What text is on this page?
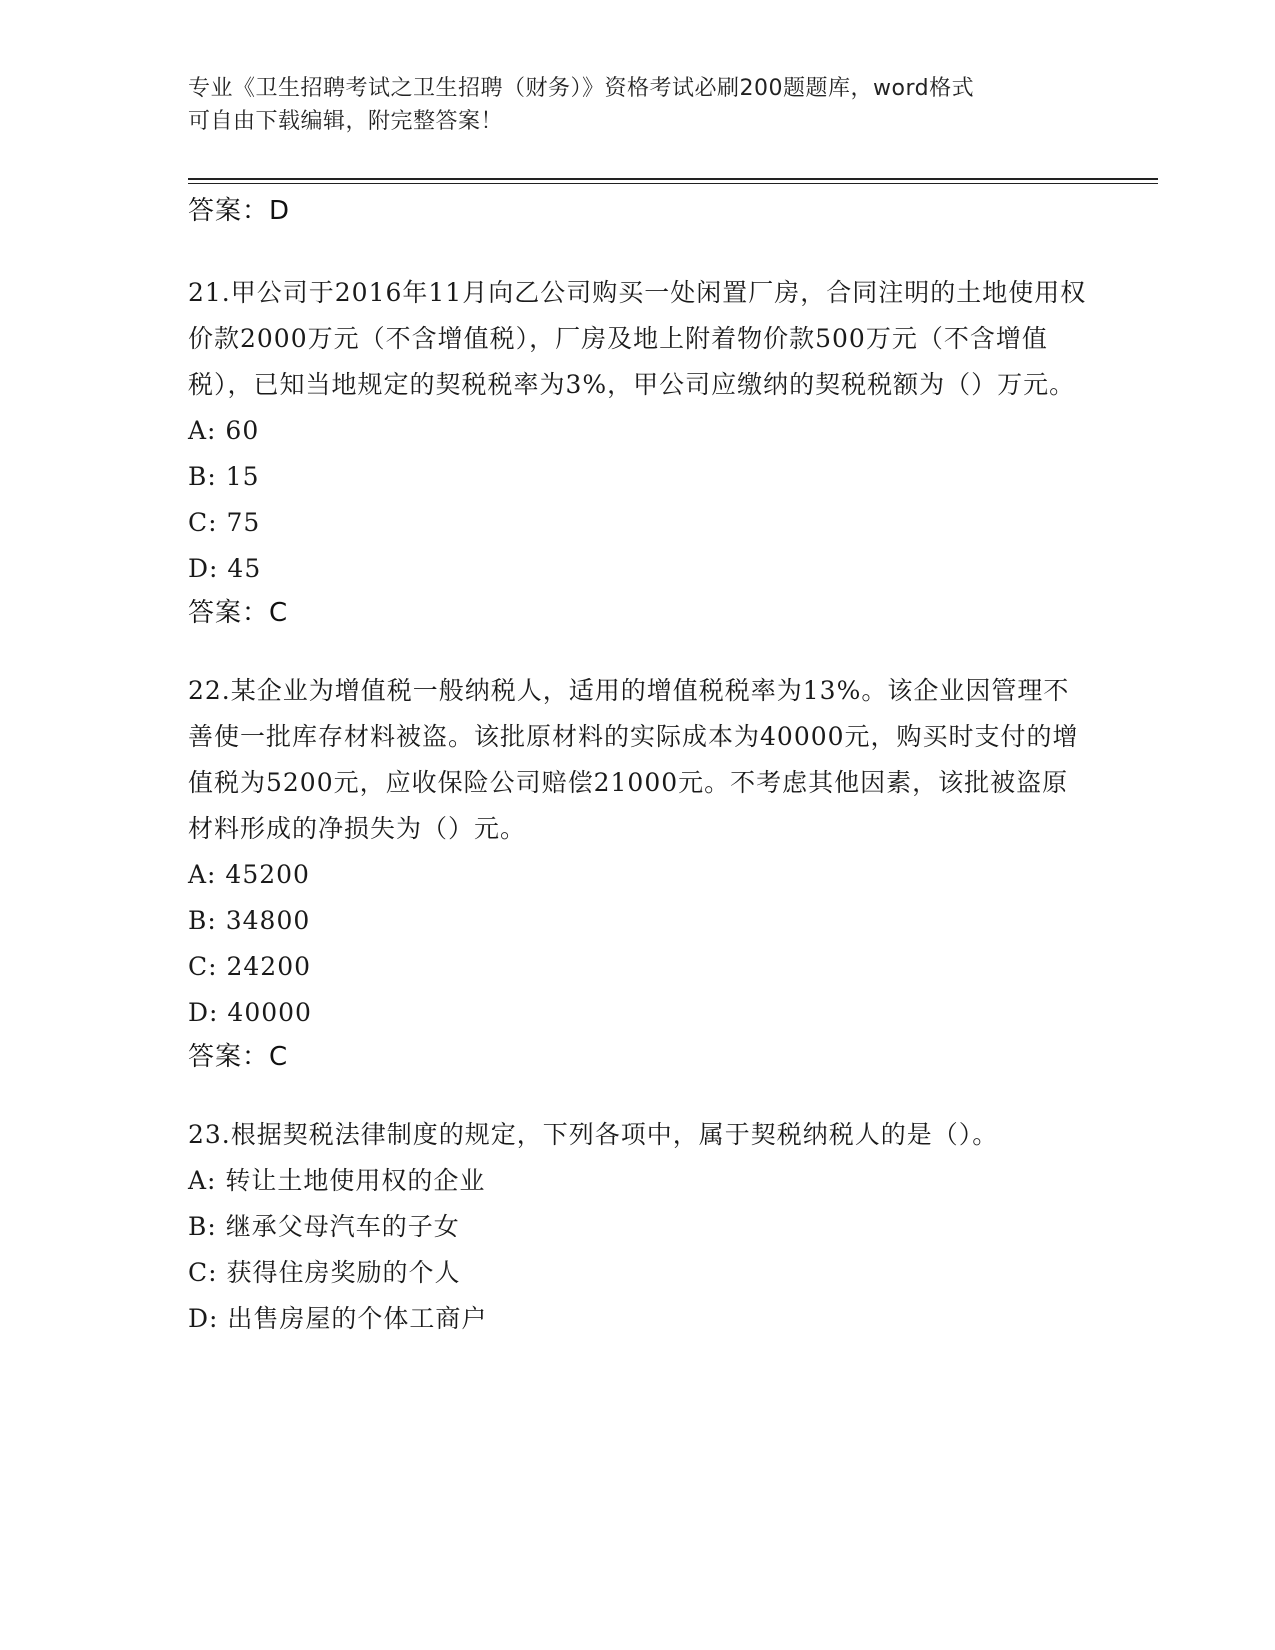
专业《卫生招聘考试之卫生招聘（财务）》资格考试必刷200题题库，word格式
可自由下载编辑，附完整答案！
答案：D
21.甲公司于2016年11月向乙公司购买一处闲置厂房，合同注明的土地使用权价款2000万元（不含增值税），厂房及地上附着物价款500万元（不含增值税），已知当地规定的契税税率为3%，甲公司应缴纳的契税税额为（）万元。
A: 60
B: 15
C: 75
D: 45
答案：C
22.某企业为增值税一般纳税人，适用的增值税税率为13%。该企业因管理不善使一批库存材料被盗。该批原材料的实际成本为40000元，购买时支付的增值税为5200元，应收保险公司赔偿21000元。不考虑其他因素，该批被盗原材料形成的净损失为（）元。
A: 45200
B: 34800
C: 24200
D: 40000
答案：C
23.根据契税法律制度的规定，下列各项中，属于契税纳税人的是（）。
A: 转让土地使用权的企业
B: 继承父母汽车的子女
C: 获得住房奖励的个人
D: 出售房屋的个体工商户
